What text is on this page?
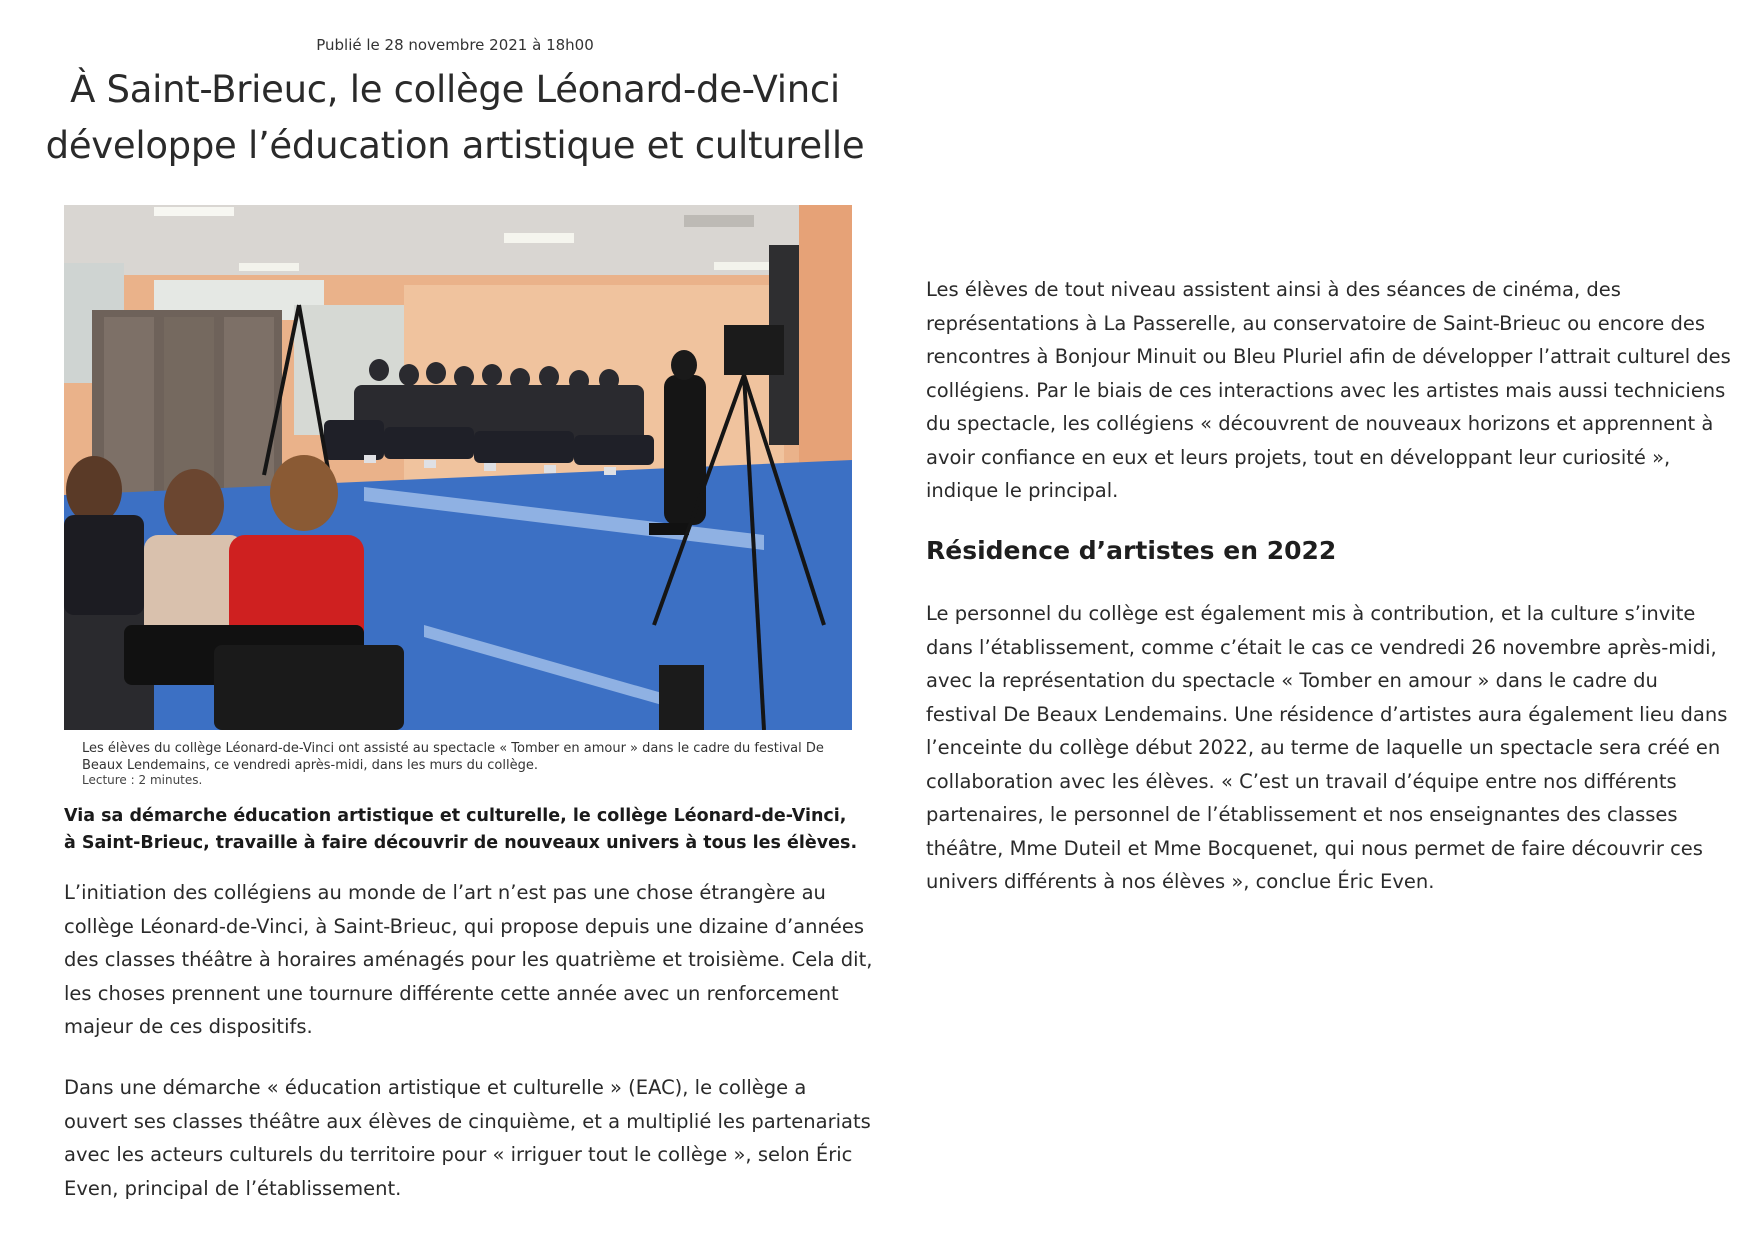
Publié le 28 novembre 2021 à 18h00
À Saint-Brieuc, le collège Léonard-de-Vinci développe l’éducation artistique et culturelle
Les élèves du collège Léonard-de-Vinci ont assisté au spectacle « Tomber en amour » dans le cadre du festival De Beaux Lendemains, ce vendredi après-midi, dans les murs du collège.
Lecture : 2 minutes.

Via sa démarche éducation artistique et culturelle, le collège Léonard-de-Vinci, à Saint-Brieuc, travaille à faire découvrir de nouveaux univers à tous les élèves.

L’initiation des collégiens au monde de l’art n’est pas une chose étrangère au collège Léonard-de-Vinci, à Saint-Brieuc, qui propose depuis une dizaine d’années des classes théâtre à horaires aménagés pour les quatrième et troisième. Cela dit, les choses prennent une tournure différente cette année avec un renforcement majeur de ces dispositifs.

Dans une démarche « éducation artistique et culturelle » (EAC), le collège a ouvert ses classes théâtre aux élèves de cinquième, et a multiplié les partenariats avec les acteurs culturels du territoire pour « irriguer tout le collège », selon Éric Even, principal de l’établissement.

Les élèves de tout niveau assistent ainsi à des séances de cinéma, des représentations à La Passerelle, au conservatoire de Saint-Brieuc ou encore des rencontres à Bonjour Minuit ou Bleu Pluriel afin de développer l’attrait culturel des collégiens. Par le biais de ces interactions avec les artistes mais aussi techniciens du spectacle, les collégiens « découvrent de nouveaux horizons et apprennent à avoir confiance en eux et leurs projets, tout en développant leur curiosité », indique le principal.

Résidence d’artistes en 2022

Le personnel du collège est également mis à contribution, et la culture s’invite dans l’établissement, comme c’était le cas ce vendredi 26 novembre après-midi, avec la représentation du spectacle « Tomber en amour » dans le cadre du festival De Beaux Lendemains. Une résidence d’artistes aura également lieu dans l’enceinte du collège début 2022, au terme de laquelle un spectacle sera créé en collaboration avec les élèves. « C’est un travail d’équipe entre nos différents partenaires, le personnel de l’établissement et nos enseignantes des classes théâtre, Mme Duteil et Mme Bocquenet, qui nous permet de faire découvrir ces univers différents à nos élèves », conclue Éric Even.
